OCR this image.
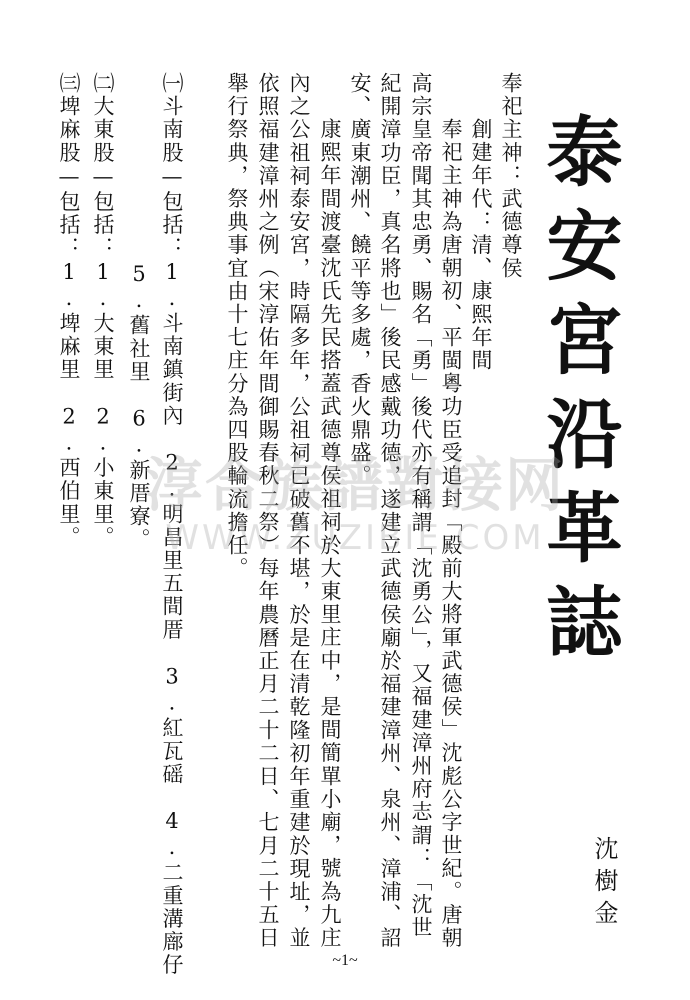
泰安宮沿革誌
沈樹金
奉祀主神：武德尊侯
創建年代：清、康熙年間
奉祀主神為唐朝初、平閩粵功臣受追封「殿前大將軍武德侯」沈彪公字世紀。唐朝
高宗皇帝聞其忠勇、賜名「勇」後代亦有稱謂「沈勇公」，又福建漳州府志謂：「沈世
紀開漳功臣，真名將也」後民感戴功德，遂建立武德侯廟於福建漳州、泉州、漳浦、詔
安、廣東潮州、饒平等多處，香火鼎盛。
康熙年間渡臺沈氏先民搭蓋武德尊侯祖祠於大東里庄中，是間簡單小廟，號為九庄
內之公祖祠泰安宮，時隔多年，公祖祠已破舊不堪，於是在清乾隆初年重建於現址，並
依照福建漳州之例（宋淳佑年間御賜春秋二祭）每年農曆正月二十二日、七月二十五日
舉行祭典，祭典事宜由十七庄分為四股輪流擔任。
㈠斗南股—包括：1.斗南鎮街內　2.明昌里五間厝　3.紅瓦磘　4.二重溝廍仔
5.舊社里　6.新厝寮。
㈡大東股—包括：1.大東里　2.小東里。
㈢埤麻股—包括：1.埤麻里　2.西伯里。	淳合族譜對接网
WWW.ZUZIBIE.COM
~1~
